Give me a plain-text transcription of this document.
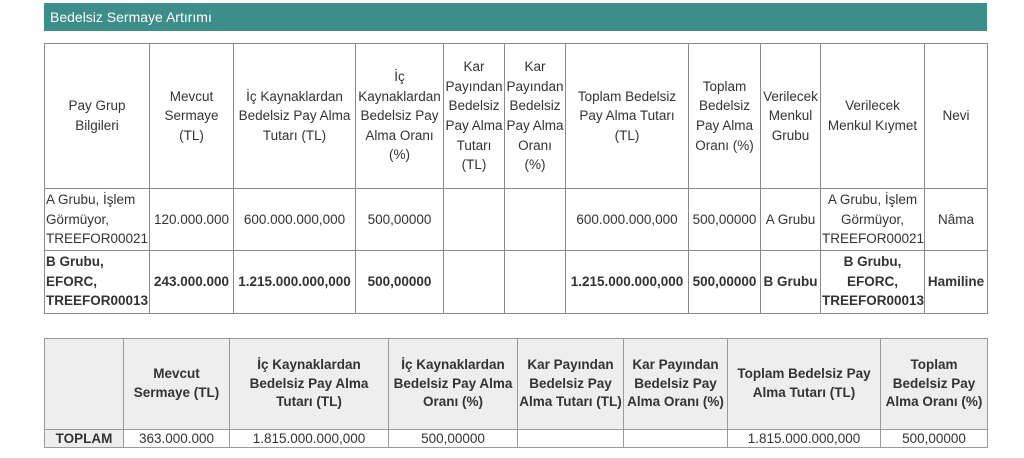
Bedelsiz Sermaye Artırımı
Pay Grup Bilgileri	Mevcut Sermaye (TL)	İç Kaynaklardan Bedelsiz Pay Alma Tutarı (TL)	İç Kaynaklardan Bedelsiz Pay Alma Oranı (%)	Kar Payından Bedelsiz Pay Alma Tutarı (TL)	Kar Payından Bedelsiz Pay Alma Oranı (%)	Toplam Bedelsiz Pay Alma Tutarı (TL)	Toplam Bedelsiz Pay Alma Oranı (%)	Verilecek Menkul Grubu	Verilecek Menkul Kıymet	Nevi
A Grubu, İşlem Görmüyor, TREEFOR00021	120.000.000	600.000.000,000	500,00000			600.000.000,000	500,00000	A Grubu	A Grubu, İşlem Görmüyor, TREEFOR00021	Nâma
B Grubu, EFORC, TREEFOR00013	243.000.000	1.215.000.000,000	500,00000			1.215.000.000,000	500,00000	B Grubu	B Grubu, EFORC, TREEFOR00013	Hamiline
	Mevcut Sermaye (TL)	İç Kaynaklardan Bedelsiz Pay Alma Tutarı (TL)	İç Kaynaklardan Bedelsiz Pay Alma Oranı (%)	Kar Payından Bedelsiz Pay Alma Tutarı (TL)	Kar Payından Bedelsiz Pay Alma Oranı (%)	Toplam Bedelsiz Pay Alma Tutarı (TL)	Toplam Bedelsiz Pay Alma Oranı (%)
TOPLAM	363.000.000	1.815.000.000,000	500,00000			1.815.000.000,000	500,00000
